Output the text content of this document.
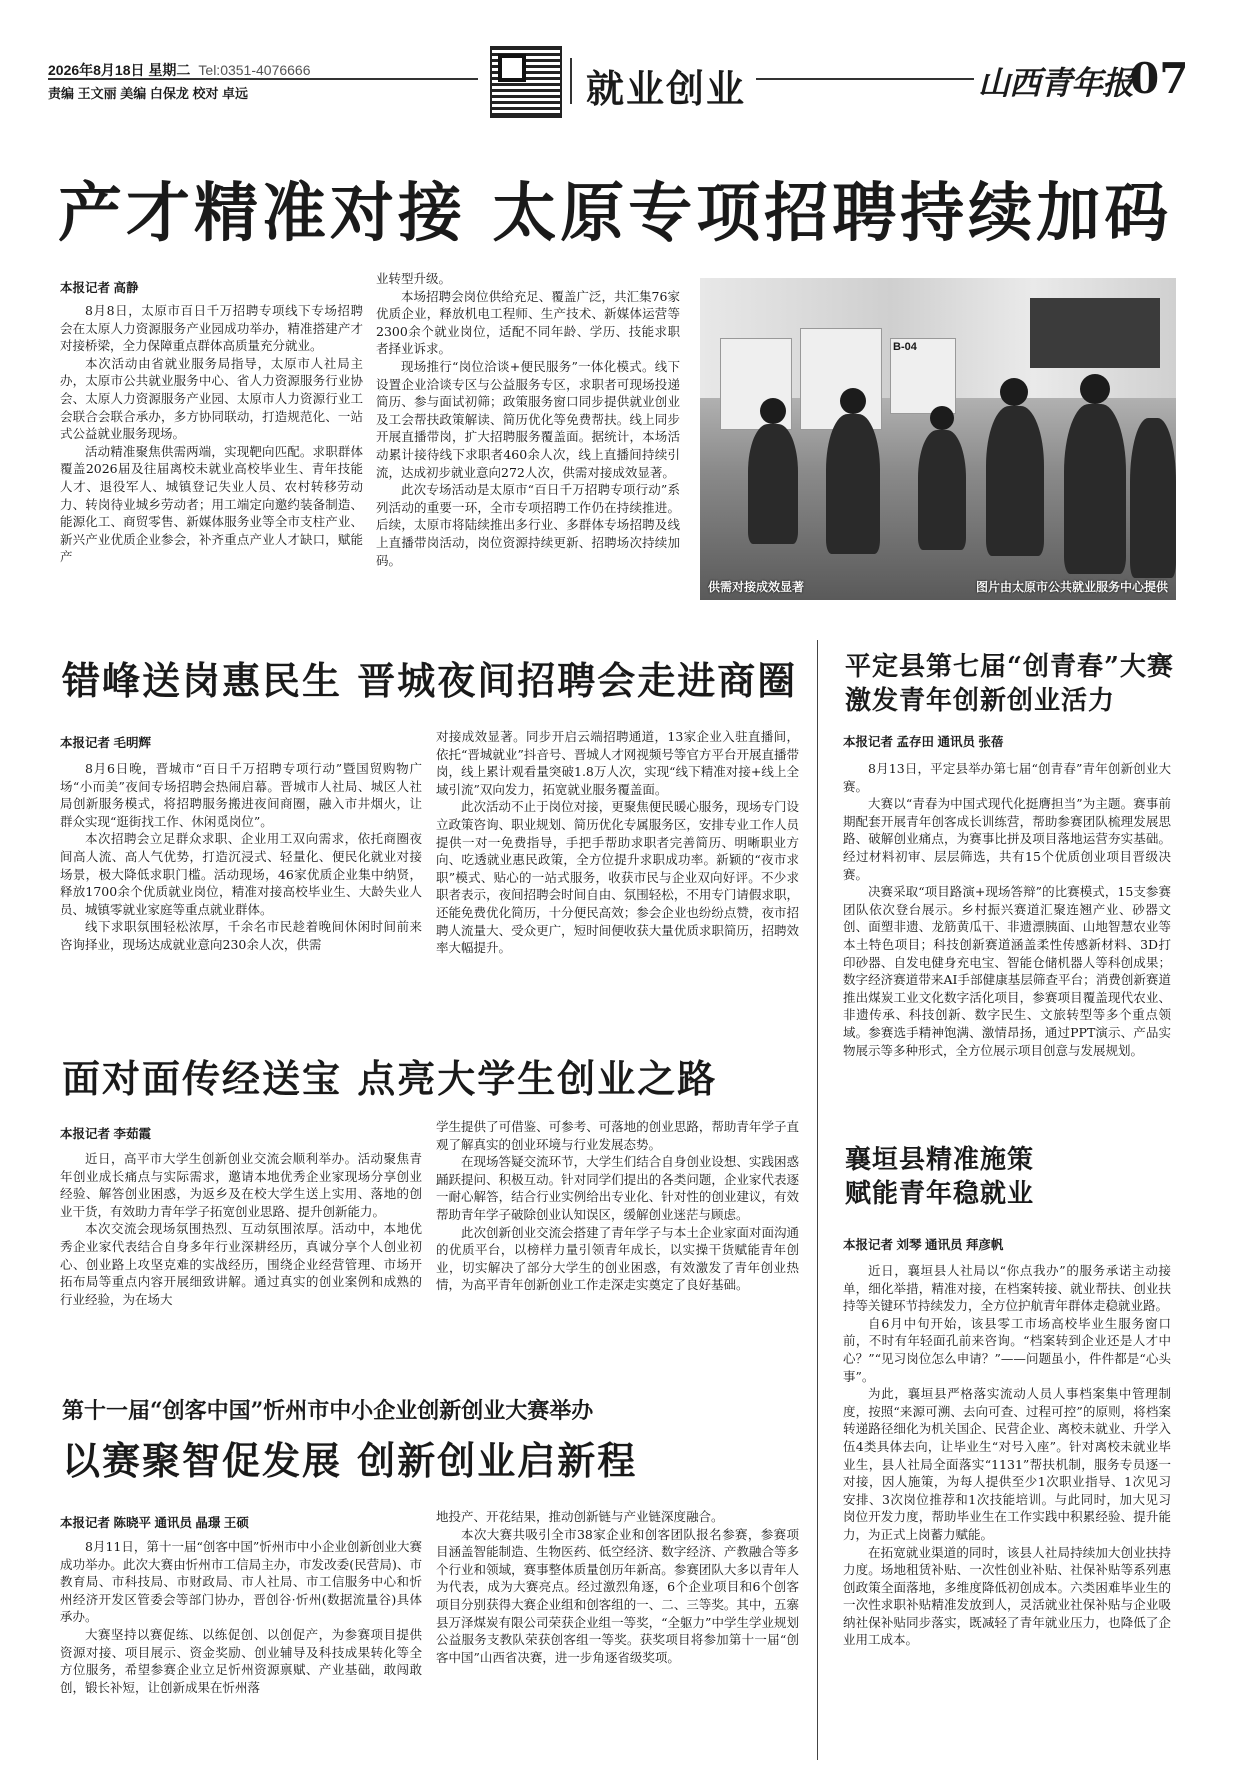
2026年8月18日 星期二 Tel:0351-4076666
责编 王文丽 美编 白保龙 校对 卓远	就业创业	山西青年报
07
产才精准对接 太原专项招聘持续加码
本报记者 高静

8月8日，太原市百日千万招聘专项线下专场招聘会在太原人力资源服务产业园成功举办，精准搭建产才对接桥梁，全力保障重点群体高质量充分就业。

本次活动由省就业服务局指导，太原市人社局主办，太原市公共就业服务中心、省人力资源服务行业协会、太原人力资源服务产业园、太原市人力资源行业工会联合会联合承办，多方协同联动，打造规范化、一站式公益就业服务现场。

活动精准聚焦供需两端，实现靶向匹配。求职群体覆盖2026届及往届离校未就业高校毕业生、青年技能人才、退役军人、城镇登记失业人员、农村转移劳动力、转岗待业城乡劳动者；用工端定向邀约装备制造、能源化工、商贸零售、新媒体服务业等全市支柱产业、新兴产业优质企业参会，补齐重点产业人才缺口，赋能产

业转型升级。

本场招聘会岗位供给充足、覆盖广泛，共汇集76家优质企业，释放机电工程师、生产技术、新媒体运营等2300余个就业岗位，适配不同年龄、学历、技能求职者择业诉求。

现场推行“岗位洽谈+便民服务”一体化模式。线下设置企业洽谈专区与公益服务专区，求职者可现场投递简历、参与面试初筛；政策服务窗口同步提供就业创业及工会帮扶政策解读、简历优化等免费帮扶。线上同步开展直播带岗，扩大招聘服务覆盖面。据统计，本场活动累计接待线下求职者460余人次，线上直播间持续引流，达成初步就业意向272人次，供需对接成效显著。

此次专场活动是太原市“百日千万招聘专项行动”系列活动的重要一环，全市专项招聘工作仍在持续推进。后续，太原市将陆续推出多行业、多群体专场招聘及线上直播带岗活动，岗位资源持续更新、招聘场次持续加码。

B-04
供需对接成效显著	图片由太原市公共就业服务中心提供
错峰送岗惠民生 晋城夜间招聘会走进商圈
本报记者 毛明辉

8月6日晚，晋城市“百日千万招聘专项行动”暨国贸购物广场“小而美”夜间专场招聘会热闹启幕。晋城市人社局、城区人社局创新服务模式，将招聘服务搬进夜间商圈，融入市井烟火，让群众实现“逛街找工作、休闲觅岗位”。

本次招聘会立足群众求职、企业用工双向需求，依托商圈夜间高人流、高人气优势，打造沉浸式、轻量化、便民化就业对接场景，极大降低求职门槛。活动现场，46家优质企业集中纳贤，释放1700余个优质就业岗位，精准对接高校毕业生、大龄失业人员、城镇零就业家庭等重点就业群体。

线下求职氛围轻松浓厚，千余名市民趁着晚间休闲时间前来咨询择业，现场达成就业意向230余人次，供需

对接成效显著。同步开启云端招聘通道，13家企业入驻直播间，依托“晋城就业”抖音号、晋城人才网视频号等官方平台开展直播带岗，线上累计观看量突破1.8万人次，实现“线下精准对接+线上全域引流”双向发力，拓宽就业服务覆盖面。

此次活动不止于岗位对接，更聚焦便民暖心服务，现场专门设立政策咨询、职业规划、简历优化专属服务区，安排专业工作人员提供一对一免费指导，手把手帮助求职者完善简历、明晰职业方向、吃透就业惠民政策，全方位提升求职成功率。新颖的“夜市求职”模式、贴心的一站式服务，收获市民与企业双向好评。不少求职者表示，夜间招聘会时间自由、氛围轻松，不用专门请假求职，还能免费优化简历，十分便民高效；参会企业也纷纷点赞，夜市招聘人流量大、受众更广，短时间便收获大量优质求职简历，招聘效率大幅提升。

面对面传经送宝 点亮大学生创业之路
本报记者 李茹霞

近日，高平市大学生创新创业交流会顺利举办。活动聚焦青年创业成长痛点与实际需求，邀请本地优秀企业家现场分享创业经验、解答创业困惑，为返乡及在校大学生送上实用、落地的创业干货，有效助力青年学子拓宽创业思路、提升创新能力。

本次交流会现场氛围热烈、互动氛围浓厚。活动中，本地优秀企业家代表结合自身多年行业深耕经历，真诚分享个人创业初心、创业路上攻坚克难的实战经历，围绕企业经营管理、市场开拓布局等重点内容开展细致讲解。通过真实的创业案例和成熟的行业经验，为在场大

学生提供了可借鉴、可参考、可落地的创业思路，帮助青年学子直观了解真实的创业环境与行业发展态势。

在现场答疑交流环节，大学生们结合自身创业设想、实践困惑踊跃提问、积极互动。针对同学们提出的各类问题，企业家代表逐一耐心解答，结合行业实例给出专业化、针对性的创业建议，有效帮助青年学子破除创业认知误区，缓解创业迷茫与顾虑。

此次创新创业交流会搭建了青年学子与本土企业家面对面沟通的优质平台，以榜样力量引领青年成长，以实操干货赋能青年创业，切实解决了部分大学生的创业困惑，有效激发了青年创业热情，为高平青年创新创业工作走深走实奠定了良好基础。

第十一届“创客中国”忻州市中小企业创新创业大赛举办
以赛聚智促发展 创新创业启新程
本报记者 陈晓平 通讯员 晶璟 王硕

8月11日，第十一届“创客中国”忻州市中小企业创新创业大赛成功举办。此次大赛由忻州市工信局主办，市发改委(民营局)、市教育局、市科技局、市财政局、市人社局、市工信服务中心和忻州经济开发区管委会等部门协办，晋创谷·忻州(数据流量谷)具体承办。

大赛坚持以赛促练、以练促创、以创促产，为参赛项目提供资源对接、项目展示、资金奖励、创业辅导及科技成果转化等全方位服务，希望参赛企业立足忻州资源禀赋、产业基础，敢闯敢创，锻长补短，让创新成果在忻州落

地投产、开花结果，推动创新链与产业链深度融合。

本次大赛共吸引全市38家企业和创客团队报名参赛，参赛项目涵盖智能制造、生物医药、低空经济、数字经济、产教融合等多个行业和领域，赛事整体质量创历年新高。参赛团队大多以青年人为代表，成为大赛亮点。经过激烈角逐，6个企业项目和6个创客项目分别获得大赛企业组和创客组的一、二、三等奖。其中，五寨县万泽煤炭有限公司荣获企业组一等奖，“全躯力”中学生学业规划公益服务支教队荣获创客组一等奖。获奖项目将参加第十一届“创客中国”山西省决赛，进一步角逐省级奖项。

平定县第七届“创青春”大赛
激发青年创新创业活力
本报记者 孟存田 通讯员 张蓓

8月13日，平定县举办第七届“创青春”青年创新创业大赛。

大赛以“青春为中国式现代化挺膺担当”为主题。赛事前期配套开展青年创客成长训练营，帮助参赛团队梳理发展思路、破解创业痛点，为赛事比拼及项目落地运营夯实基础。经过材料初审、层层筛选，共有15个优质创业项目晋级决赛。

决赛采取“项目路演+现场答辩”的比赛模式，15支参赛团队依次登台展示。乡村振兴赛道汇聚连翘产业、砂器文创、面塑非遗、龙筋黄瓜干、非遗漂胰面、山地智慧农业等本土特色项目；科技创新赛道涵盖柔性传感新材料、3D打印砂器、自发电健身充电宝、智能仓储机器人等科创成果；数字经济赛道带来AI手部健康基层筛查平台；消费创新赛道推出煤炭工业文化数字活化项目，参赛项目覆盖现代农业、非遗传承、科技创新、数字民生、文旅转型等多个重点领域。参赛选手精神饱满、激情昂扬，通过PPT演示、产品实物展示等多种形式，全方位展示项目创意与发展规划。

襄垣县精准施策
赋能青年稳就业
本报记者 刘琴 通讯员 拜彦帆

近日，襄垣县人社局以“你点我办”的服务承诺主动接单，细化举措，精准对接，在档案转接、就业帮扶、创业扶持等关键环节持续发力，全方位护航青年群体走稳就业路。

自6月中旬开始，该县零工市场高校毕业生服务窗口前，不时有年轻面孔前来咨询。“档案转到企业还是人才中心？”“见习岗位怎么申请？”——问题虽小，件件都是“心头事”。

为此，襄垣县严格落实流动人员人事档案集中管理制度，按照“来源可溯、去向可查、过程可控”的原则，将档案转递路径细化为机关国企、民营企业、离校未就业、升学入伍4类具体去向，让毕业生“对号入座”。针对离校未就业毕业生，县人社局全面落实“1131”帮扶机制，服务专员逐一对接，因人施策，为每人提供至少1次职业指导、1次见习安排、3次岗位推荐和1次技能培训。与此同时，加大见习岗位开发力度，帮助毕业生在工作实践中积累经验、提升能力，为正式上岗蓄力赋能。

在拓宽就业渠道的同时，该县人社局持续加大创业扶持力度。场地租赁补贴、一次性创业补贴、社保补贴等系列惠创政策全面落地，多维度降低初创成本。六类困难毕业生的一次性求职补贴精准发放到人，灵活就业社保补贴与企业吸纳社保补贴同步落实，既减轻了青年就业压力，也降低了企业用工成本。
